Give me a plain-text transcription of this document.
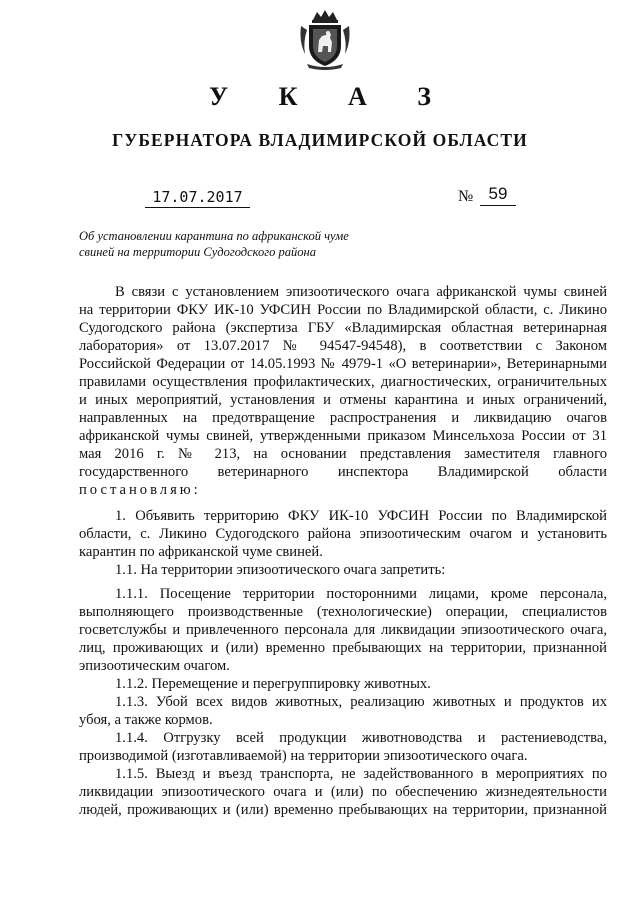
У К А З
ГУБЕРНАТОРА ВЛАДИМИРСКОЙ ОБЛАСТИ
17.07.2017	№ 59
Об установлении карантина по африканской чуме
свиней на территории Судогодского района

В связи с установлением эпизоотического очага африканской чумы свиней
на территории ФКУ ИК-10 УФСИН России по Владимирской области, с. Ликино
Судогодского района (экспертиза ГБУ «Владимирская областная ветеринарная
лаборатория» от 13.07.2017 № 94547-94548), в соответствии с Законом
Российской Федерации от 14.05.1993 № 4979-1 «О ветеринарии», Ветеринарными
правилами осуществления профилактических, диагностических, ограничительных
и иных мероприятий, установления и отмены карантина и иных ограничений,
направленных на предотвращение распространения и ликвидацию очагов
африканской чумы свиней, утвержденными приказом Минсельхоза России от 31
мая 2016 г. № 213, на основании представления заместителя главного
государственного ветеринарного инспектора Владимирской области
постановляю:

1. Объявить территорию ФКУ ИК-10 УФСИН России по Владимирской
области, с. Ликино Судогодского района эпизоотическим очагом и установить
карантин по африканской чуме свиней.

1.1. На территории эпизоотического очага запретить:

1.1.1. Посещение территории посторонними лицами, кроме персонала,
выполняющего производственные (технологические) операции, специалистов
госветслужбы и привлеченного персонала для ликвидации эпизоотического очага,
лиц, проживающих и (или) временно пребывающих на территории, признанной
эпизоотическим очагом.

1.1.2. Перемещение и перегруппировку животных.

1.1.3. Убой всех видов животных, реализацию животных и продуктов их
убоя, а также кормов.

1.1.4. Отгрузку всей продукции животноводства и растениеводства,
производимой (изготавливаемой) на территории эпизоотического очага.

1.1.5. Выезд и въезд транспорта, не задействованного в мероприятиях по
ликвидации эпизоотического очага и (или) по обеспечению жизнедеятельности
людей, проживающих и (или) временно пребывающих на территории, признанной
